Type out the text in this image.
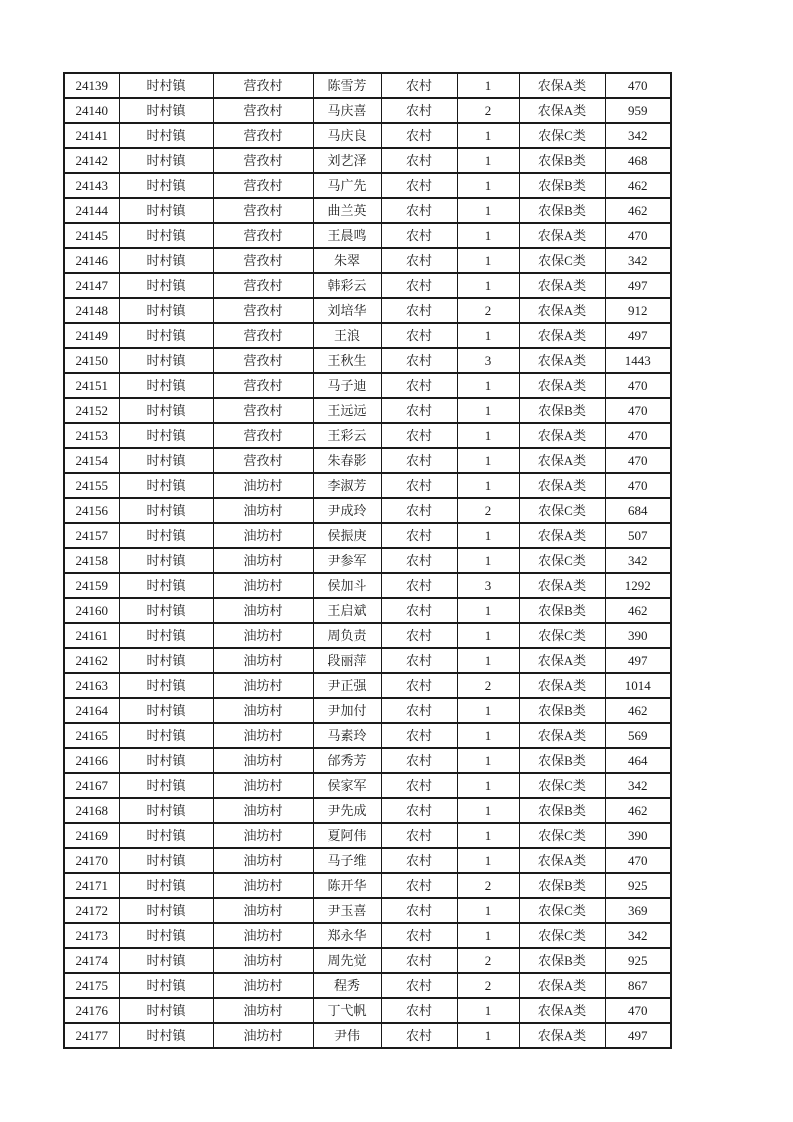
24139	时村镇	营孜村	陈雪芳	农村	1	农保A类	470
24140	时村镇	营孜村	马庆喜	农村	2	农保A类	959
24141	时村镇	营孜村	马庆良	农村	1	农保C类	342
24142	时村镇	营孜村	刘艺泽	农村	1	农保B类	468
24143	时村镇	营孜村	马广先	农村	1	农保B类	462
24144	时村镇	营孜村	曲兰英	农村	1	农保B类	462
24145	时村镇	营孜村	王晨鸣	农村	1	农保A类	470
24146	时村镇	营孜村	朱翠	农村	1	农保C类	342
24147	时村镇	营孜村	韩彩云	农村	1	农保A类	497
24148	时村镇	营孜村	刘培华	农村	2	农保A类	912
24149	时村镇	营孜村	王浪	农村	1	农保A类	497
24150	时村镇	营孜村	王秋生	农村	3	农保A类	1443
24151	时村镇	营孜村	马子迪	农村	1	农保A类	470
24152	时村镇	营孜村	王远远	农村	1	农保B类	470
24153	时村镇	营孜村	王彩云	农村	1	农保A类	470
24154	时村镇	营孜村	朱春影	农村	1	农保A类	470
24155	时村镇	油坊村	李淑芳	农村	1	农保A类	470
24156	时村镇	油坊村	尹成玲	农村	2	农保C类	684
24157	时村镇	油坊村	侯振庚	农村	1	农保A类	507
24158	时村镇	油坊村	尹参军	农村	1	农保C类	342
24159	时村镇	油坊村	侯加斗	农村	3	农保A类	1292
24160	时村镇	油坊村	王启斌	农村	1	农保B类	462
24161	时村镇	油坊村	周负责	农村	1	农保C类	390
24162	时村镇	油坊村	段丽萍	农村	1	农保A类	497
24163	时村镇	油坊村	尹正强	农村	2	农保A类	1014
24164	时村镇	油坊村	尹加付	农村	1	农保B类	462
24165	时村镇	油坊村	马素玲	农村	1	农保A类	569
24166	时村镇	油坊村	邰秀芳	农村	1	农保B类	464
24167	时村镇	油坊村	侯家军	农村	1	农保C类	342
24168	时村镇	油坊村	尹先成	农村	1	农保B类	462
24169	时村镇	油坊村	夏阿伟	农村	1	农保C类	390
24170	时村镇	油坊村	马子维	农村	1	农保A类	470
24171	时村镇	油坊村	陈开华	农村	2	农保B类	925
24172	时村镇	油坊村	尹玉喜	农村	1	农保C类	369
24173	时村镇	油坊村	郑永华	农村	1	农保C类	342
24174	时村镇	油坊村	周先觉	农村	2	农保B类	925
24175	时村镇	油坊村	程秀	农村	2	农保A类	867
24176	时村镇	油坊村	丁弋帆	农村	1	农保A类	470
24177	时村镇	油坊村	尹伟	农村	1	农保A类	497
